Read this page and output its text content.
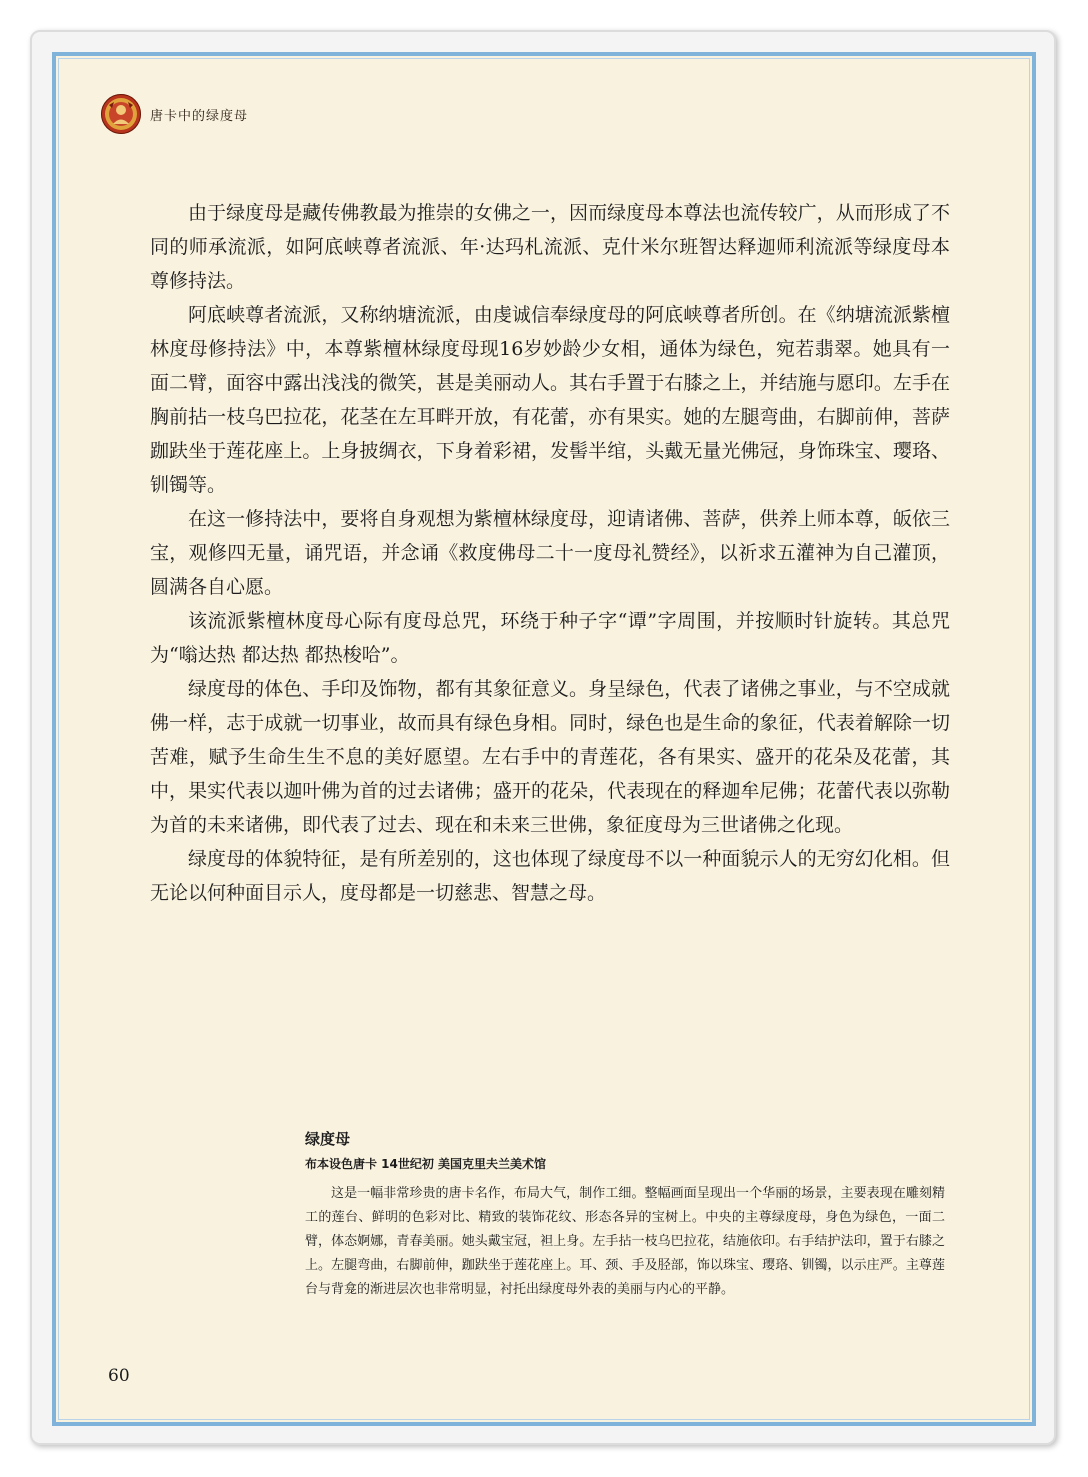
唐卡中的绿度母

由于绿度母是藏传佛教最为推崇的女佛之一，因而绿度母本尊法也流传较广，从而形成了不同的师承流派，如阿底峡尊者流派、年·达玛札流派、克什米尔班智达释迦师利流派等绿度母本尊修持法。

阿底峡尊者流派，又称纳塘流派，由虔诚信奉绿度母的阿底峡尊者所创。在《纳塘流派紫檀林度母修持法》中，本尊紫檀林绿度母现16岁妙龄少女相，通体为绿色，宛若翡翠。她具有一面二臂，面容中露出浅浅的微笑，甚是美丽动人。其右手置于右膝之上，并结施与愿印。左手在胸前拈一枝乌巴拉花，花茎在左耳畔开放，有花蕾，亦有果实。她的左腿弯曲，右脚前伸，菩萨跏趺坐于莲花座上。上身披绸衣，下身着彩裙，发髻半绾，头戴无量光佛冠，身饰珠宝、璎珞、钏镯等。

在这一修持法中，要将自身观想为紫檀林绿度母，迎请诸佛、菩萨，供养上师本尊，皈依三宝，观修四无量，诵咒语，并念诵《救度佛母二十一度母礼赞经》，以祈求五灌神为自己灌顶，圆满各自心愿。

该流派紫檀林度母心际有度母总咒，环绕于种子字“谭”字周围，并按顺时针旋转。其总咒为“嗡达热 都达热 都热梭哈”。

绿度母的体色、手印及饰物，都有其象征意义。身呈绿色，代表了诸佛之事业，与不空成就佛一样，志于成就一切事业，故而具有绿色身相。同时，绿色也是生命的象征，代表着解除一切苦难，赋予生命生生不息的美好愿望。左右手中的青莲花，各有果实、盛开的花朵及花蕾，其中，果实代表以迦叶佛为首的过去诸佛；盛开的花朵，代表现在的释迦牟尼佛；花蕾代表以弥勒为首的未来诸佛，即代表了过去、现在和未来三世佛，象征度母为三世诸佛之化现。

绿度母的体貌特征，是有所差别的，这也体现了绿度母不以一种面貌示人的无穷幻化相。但无论以何种面目示人，度母都是一切慈悲、智慧之母。

绿度母
布本设色唐卡 14世纪初 美国克里夫兰美术馆

这是一幅非常珍贵的唐卡名作，布局大气，制作工细。整幅画面呈现出一个华丽的场景，主要表现在雕刻精工的莲台、鲜明的色彩对比、精致的装饰花纹、形态各异的宝树上。中央的主尊绿度母，身色为绿色，一面二臂，体态婀娜，青春美丽。她头戴宝冠，袒上身。左手拈一枝乌巴拉花，结施依印。右手结护法印，置于右膝之上。左腿弯曲，右脚前伸，跏趺坐于莲花座上。耳、颈、手及胫部，饰以珠宝、璎珞、钏镯，以示庄严。主尊莲台与背龛的渐进层次也非常明显，衬托出绿度母外表的美丽与内心的平静。

60
